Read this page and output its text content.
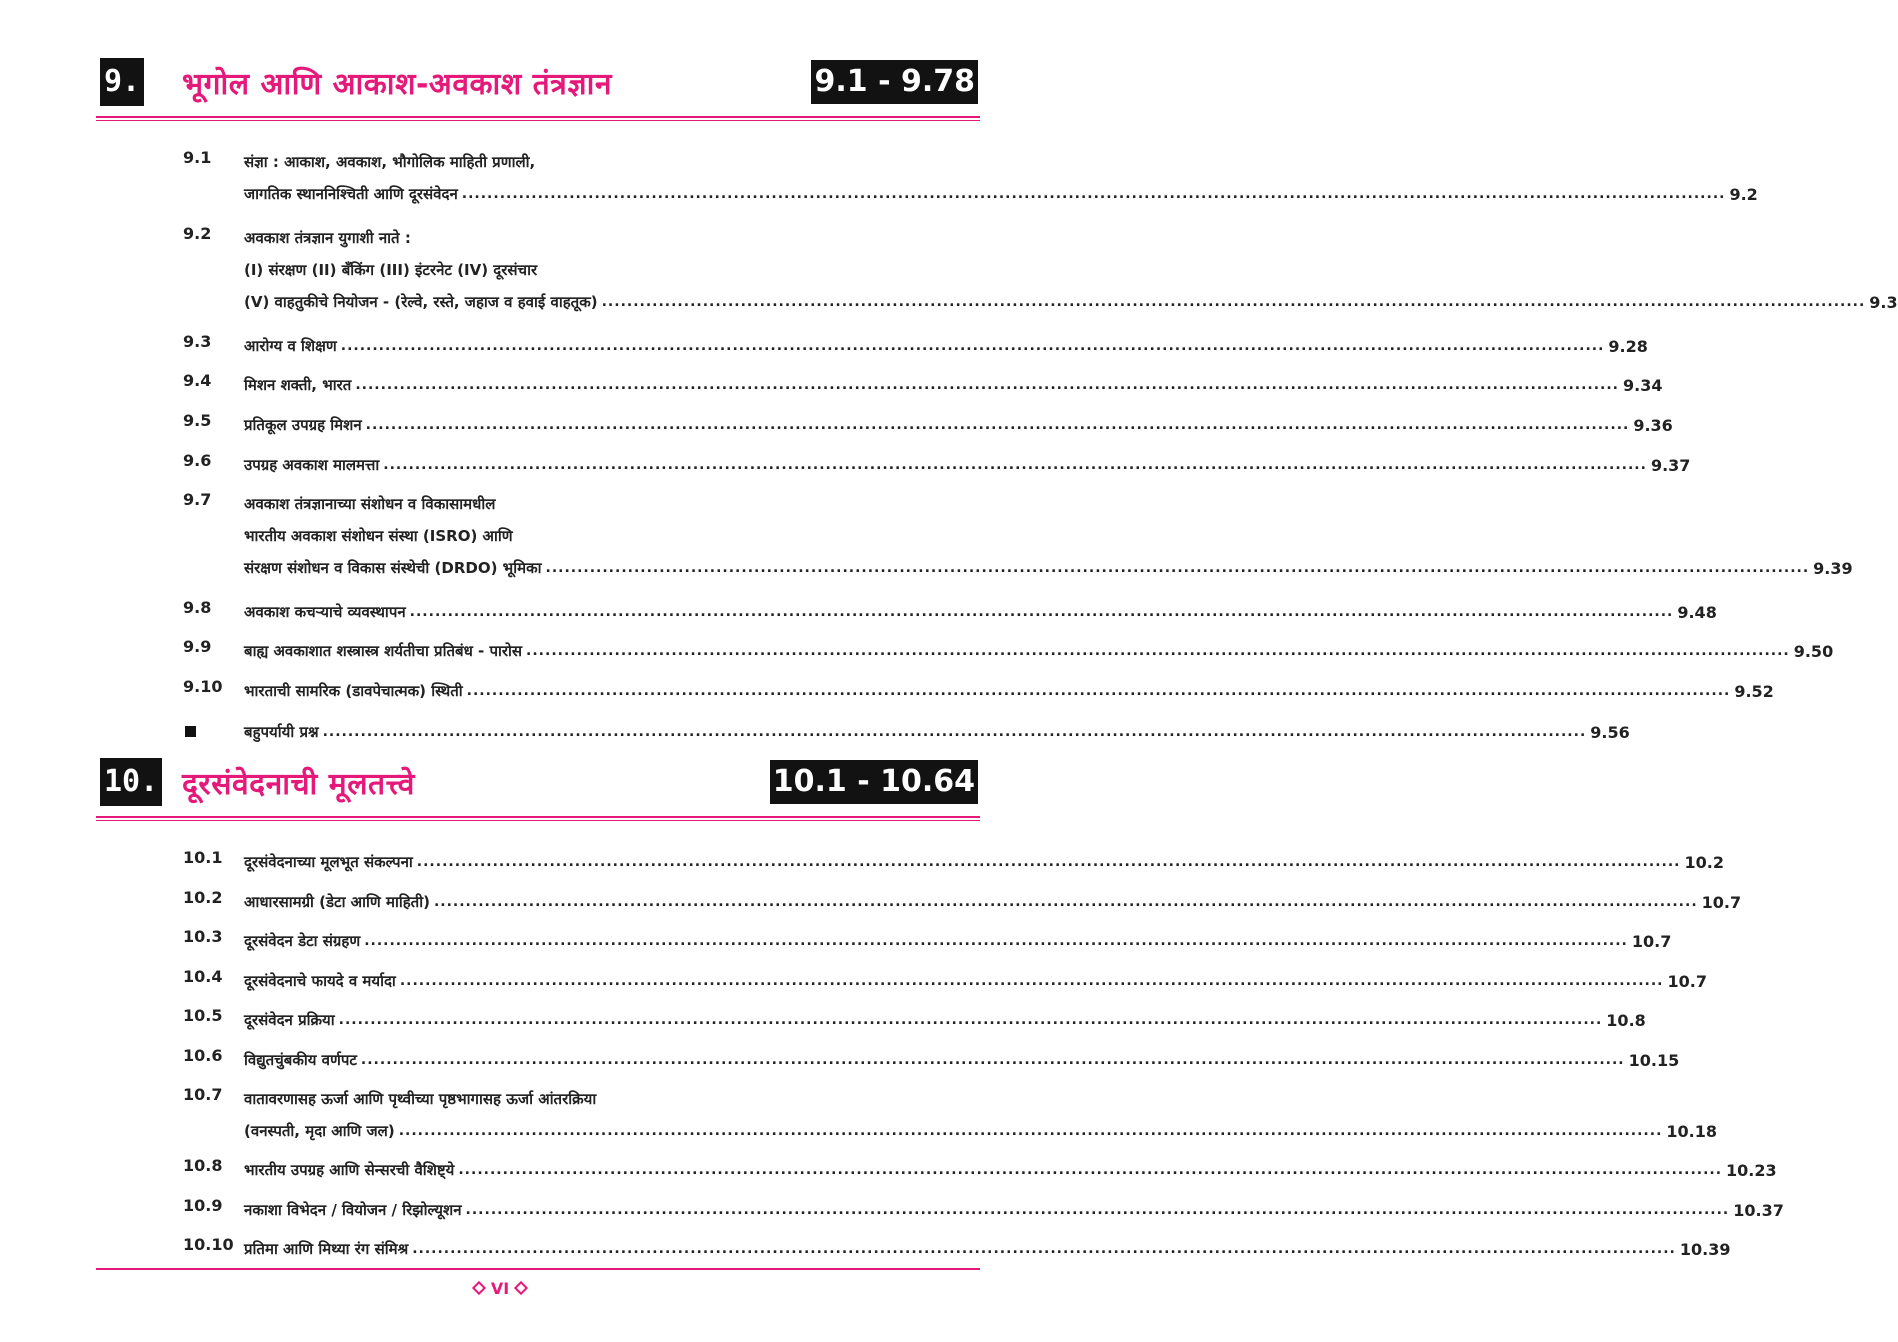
9. भूगोल आणि आकाश-अवकाश तंत्रज्ञान	9.1 - 9.78
9.1	संज्ञा : आकाश, अवकाश, भौगोलिक माहिती प्रणाली,
जागतिक स्थाननिश्चिती आणि दूरसंवेदन ........................................................................................................................................................................................................ 9.2
9.2	अवकाश तंत्रज्ञान युगाशी नाते :
(I) संरक्षण (II) बँकिंग (III) इंटरनेट (IV) दूरसंचार
(V) वाहतुकीचे नियोजन - (रेल्वे, रस्ते, जहाज व हवाई वाहतूक) ........................................................................................................................................................................................................ 9.3
9.3	आरोग्य व शिक्षण ........................................................................................................................................................................................................ 9.28
9.4	मिशन शक्ती, भारत ........................................................................................................................................................................................................ 9.34
9.5	प्रतिकूल उपग्रह मिशन ........................................................................................................................................................................................................ 9.36
9.6	उपग्रह अवकाश मालमत्ता ........................................................................................................................................................................................................ 9.37
9.7	अवकाश तंत्रज्ञानाच्या संशोधन व विकासामधील
भारतीय अवकाश संशोधन संस्था (ISRO) आणि
संरक्षण संशोधन व विकास संस्थेची (DRDO) भूमिका ........................................................................................................................................................................................................ 9.39
9.8	अवकाश कचऱ्याचे व्यवस्थापन ........................................................................................................................................................................................................ 9.48
9.9	बाह्य अवकाशात शस्त्रास्त्र शर्यतीचा प्रतिबंध - पारोस ........................................................................................................................................................................................................ 9.50
9.10	भारताची सामरिक (डावपेचात्मक) स्थिती ........................................................................................................................................................................................................ 9.52
बहुपर्यायी प्रश्न ........................................................................................................................................................................................................ 9.56
10. दूरसंवेदनाची मूलतत्त्वे	10.1 - 10.64
10.1	दूरसंवेदनाच्या मूलभूत संकल्पना ........................................................................................................................................................................................................ 10.2
10.2	आधारसामग्री (डेटा आणि माहिती) ........................................................................................................................................................................................................ 10.7
10.3	दूरसंवेदन डेटा संग्रहण ........................................................................................................................................................................................................ 10.7
10.4	दूरसंवेदनाचे फायदे व मर्यादा ........................................................................................................................................................................................................ 10.7
10.5	दूरसंवेदन प्रक्रिया ........................................................................................................................................................................................................ 10.8
10.6	विद्युतचुंबकीय वर्णपट ........................................................................................................................................................................................................ 10.15
10.7	वातावरणासह ऊर्जा आणि पृथ्वीच्या पृष्ठभागासह ऊर्जा आंतरक्रिया
(वनस्पती, मृदा आणि जल) ........................................................................................................................................................................................................ 10.18
10.8	भारतीय उपग्रह आणि सेन्सरची वैशिष्ट्ये ........................................................................................................................................................................................................ 10.23
10.9	नकाशा विभेदन / वियोजन / रिझोल्यूशन ........................................................................................................................................................................................................ 10.37
10.10 प्रतिमा आणि मिथ्या रंग संमिश्र ........................................................................................................................................................................................................ 10.39
VI
